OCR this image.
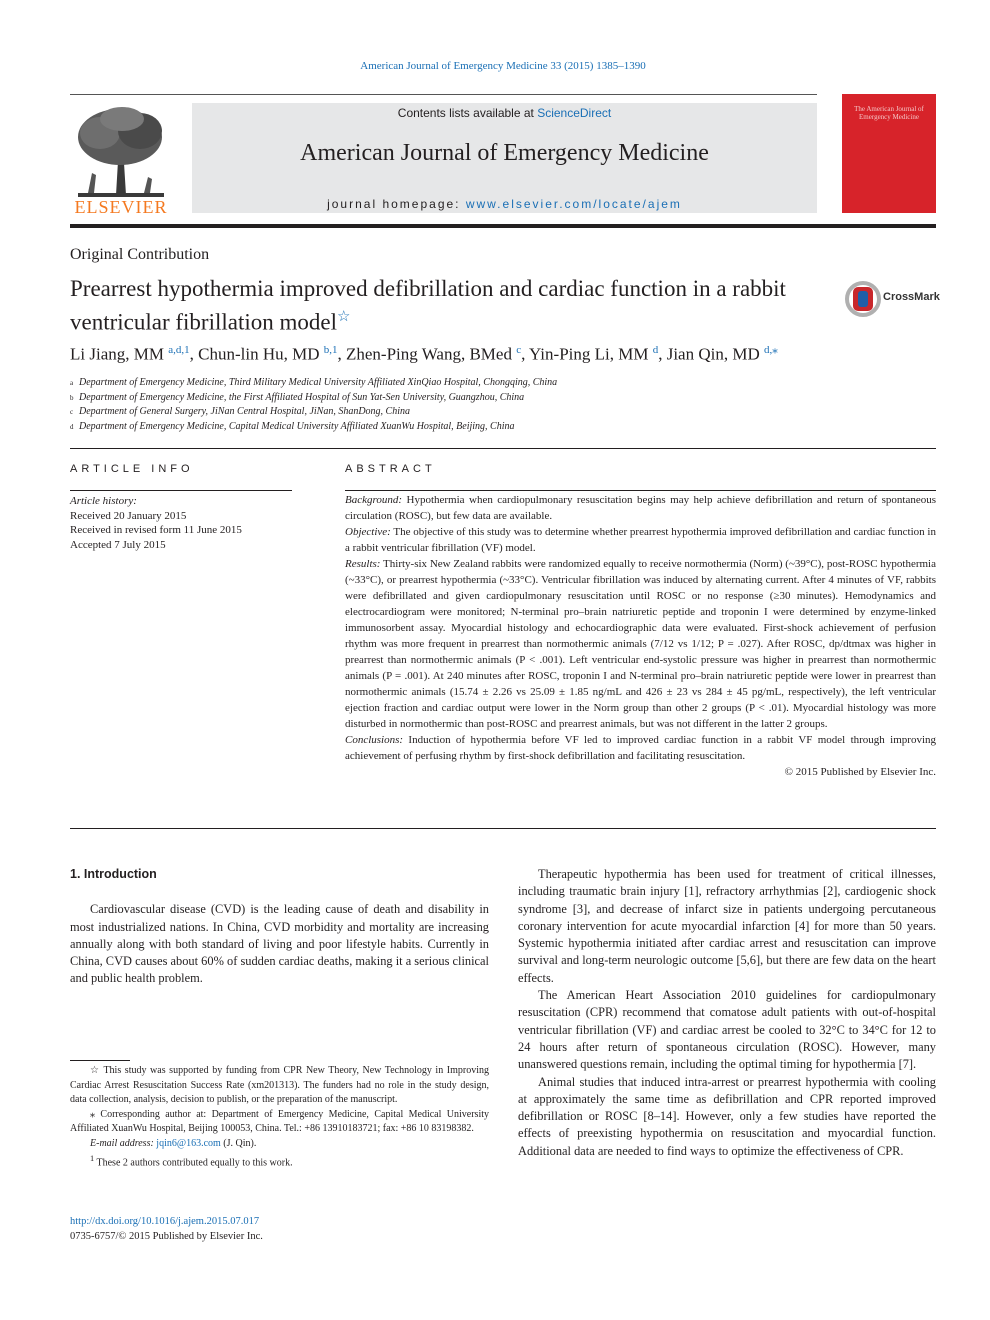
American Journal of Emergency Medicine 33 (2015) 1385–1390
ELSEVIER
Contents lists available at ScienceDirect
American Journal of Emergency Medicine
journal homepage: www.elsevier.com/locate/ajem
The American Journal of Emergency Medicine
Original Contribution
Prearrest hypothermia improved defibrillation and cardiac function in a rabbit ventricular fibrillation model☆
CrossMark
Li Jiang, MM $^{a,d,1}$, Chun-lin Hu, MD $^{b,1}$, Zhen-Ping Wang, BMed $^c$, Yin-Ping Li, MM $^d$, Jian Qin, MD $^{d,⁎}$
a Department of Emergency Medicine, Third Military Medical University Affiliated XinQiao Hospital, Chongqing, China
b Department of Emergency Medicine, the First Affiliated Hospital of Sun Yat-Sen University, Guangzhou, China
c Department of General Surgery, JiNan Central Hospital, JiNan, ShanDong, China
d Department of Emergency Medicine, Capital Medical University Affiliated XuanWu Hospital, Beijing, China
ARTICLE INFO
Article history:
Received 20 January 2015
Received in revised form 11 June 2015
Accepted 7 July 2015
ABSTRACT

Background: Hypothermia when cardiopulmonary resuscitation begins may help achieve defibrillation and return of spontaneous circulation (ROSC), but few data are available.

Objective: The objective of this study was to determine whether prearrest hypothermia improved defibrillation and cardiac function in a rabbit ventricular fibrillation (VF) model.

Results: Thirty-six New Zealand rabbits were randomized equally to receive normothermia (Norm) (~39°C), post-ROSC hypothermia (~33°C), or prearrest hypothermia (~33°C). Ventricular fibrillation was induced by alternating current. After 4 minutes of VF, rabbits were defibrillated and given cardiopulmonary resuscitation until ROSC or no response (≥30 minutes). Hemodynamics and electrocardiogram were monitored; N-terminal pro–brain natriuretic peptide and troponin I were determined by enzyme-linked immunosorbent assay. Myocardial histology and echocardiographic data were evaluated. First-shock achievement of perfusion rhythm was more frequent in prearrest than normothermic animals (7/12 vs 1/12; P = .027). After ROSC, dp/dtmax was higher in prearrest than normothermic animals (P < .001). Left ventricular end-systolic pressure was higher in prearrest than normothermic animals (P = .001). At 240 minutes after ROSC, troponin I and N-terminal pro–brain natriuretic peptide were lower in prearrest than normothermic animals (15.74 ± 2.26 vs 25.09 ± 1.85 ng/mL and 426 ± 23 vs 284 ± 45 pg/mL, respectively), the left ventricular ejection fraction and cardiac output were lower in the Norm group than other 2 groups (P < .01). Myocardial histology was more disturbed in normothermic than post-ROSC and prearrest animals, but was not different in the latter 2 groups.

Conclusions: Induction of hypothermia before VF led to improved cardiac function in a rabbit VF model through improving achievement of perfusing rhythm by first-shock defibrillation and facilitating resuscitation.

© 2015 Published by Elsevier Inc.

1. Introduction

Cardiovascular disease (CVD) is the leading cause of death and disability in most industrialized nations. In China, CVD morbidity and mortality are increasing annually along with both standard of living and poor lifestyle habits. Currently in China, CVD causes about 60% of sudden cardiac deaths, making it a serious clinical and public health problem.

Therapeutic hypothermia has been used for treatment of critical illnesses, including traumatic brain injury [1], refractory arrhythmias [2], cardiogenic shock syndrome [3], and decrease of infarct size in patients undergoing percutaneous coronary intervention for acute myocardial infarction [4] for more than 50 years. Systemic hypothermia initiated after cardiac arrest and resuscitation can improve survival and long-term neurologic outcome [5,6], but there are few data on the heart effects.

The American Heart Association 2010 guidelines for cardiopulmonary resuscitation (CPR) recommend that comatose adult patients with out-of-hospital ventricular fibrillation (VF) and cardiac arrest be cooled to 32°C to 34°C for 12 to 24 hours after return of spontaneous circulation (ROSC). However, many unanswered questions remain, including the optimal timing for hypothermia [7].

Animal studies that induced intra-arrest or prearrest hypothermia with cooling at approximately the same time as defibrillation and CPR reported improved defibrillation or ROSC [8–14]. However, only a few studies have reported the effects of preexisting hypothermia on resuscitation and myocardial function. Additional data are needed to find ways to optimize the effectiveness of CPR.

☆ This study was supported by funding from CPR New Theory, New Technology in Improving Cardiac Arrest Resuscitation Success Rate (xm201313). The funders had no role in the study design, data collection, analysis, decision to publish, or the preparation of the manuscript.

⁎ Corresponding author at: Department of Emergency Medicine, Capital Medical University Affiliated XuanWu Hospital, Beijing 100053, China. Tel.: +86 13910183721; fax: +86 10 83198382.

E-mail address: jqin6@163.com (J. Qin).

$^1$ These 2 authors contributed equally to this work.

http://dx.doi.org/10.1016/j.ajem.2015.07.017
0735-6757/© 2015 Published by Elsevier Inc.
